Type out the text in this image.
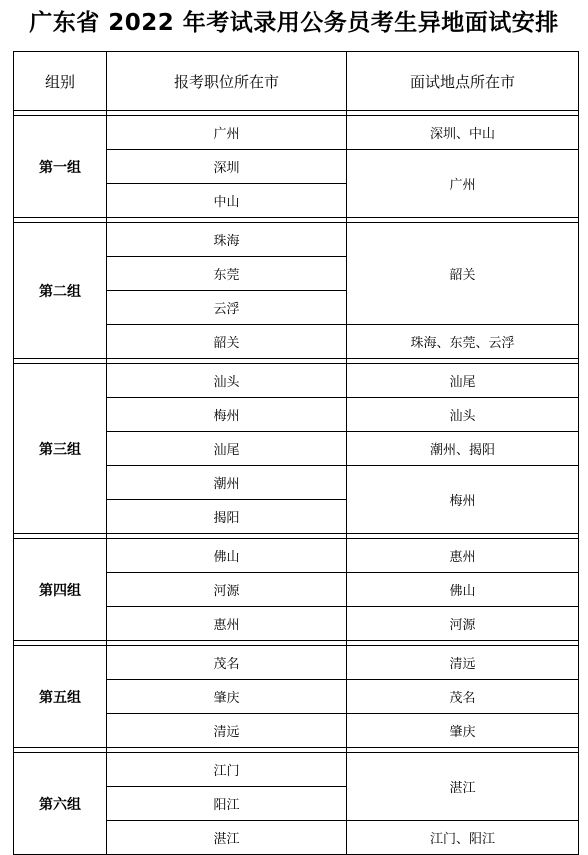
广东省 2022 年考试录用公务员考生异地面试安排
组别	报考职位所在市	面试地点所在市

第一组	广州	深圳、中山
	深圳	广州
	中山	

第二组	珠海	韶关
	东莞	
	云浮	
	韶关	珠海、东莞、云浮

第三组	汕头	汕尾
	梅州	汕头
	汕尾	潮州、揭阳
	潮州	梅州
	揭阳	

第四组	佛山	惠州
	河源	佛山
	惠州	河源

第五组	茂名	清远
	肇庆	茂名
	清远	肇庆

第六组	江门	湛江
	阳江	
	湛江	江门、阳江
